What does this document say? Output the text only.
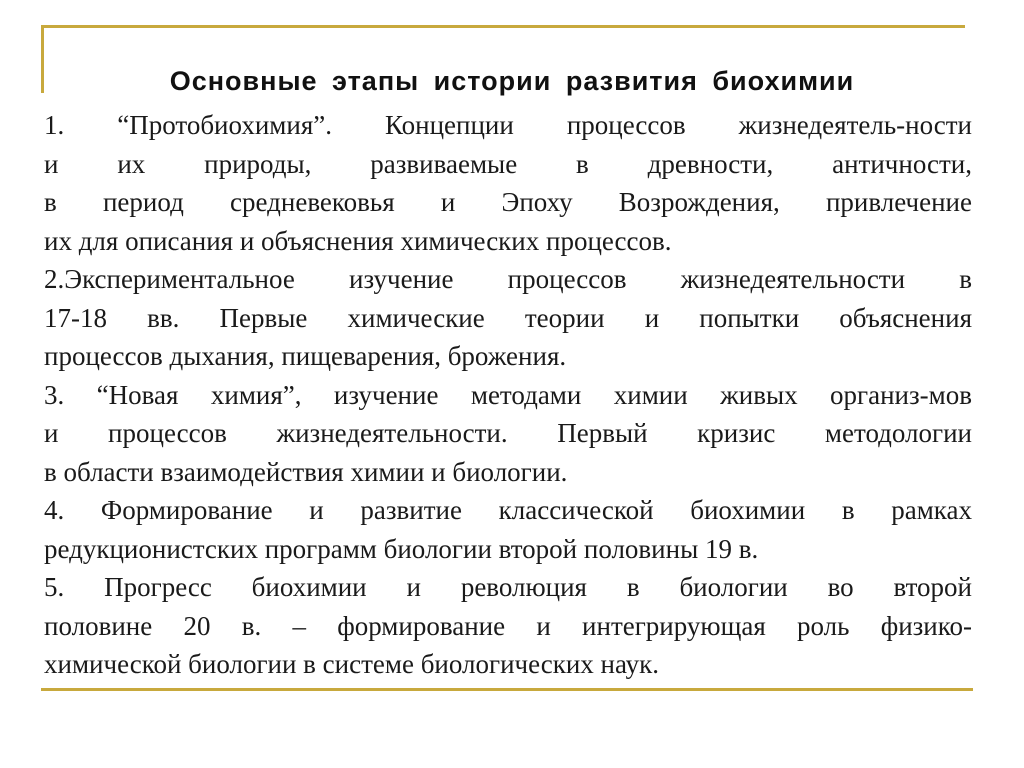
Основные этапы истории развития биохимии
1. “Протобиохимия”. Концепции процессов жизнедеятель-ности
и их природы, развиваемые в древности, античности,
в период средневековья и Эпоху Возрождения, привлечение
их для описания и объяснения химических процессов.
2.Экспериментальное изучение процессов жизнедеятельности в
17-18 вв. Первые химические теории и попытки объяснения
процессов дыхания, пищеварения, брожения.
3. “Новая химия”, изучение методами химии живых организ-мов
и процессов жизнедеятельности. Первый кризис методологии
в области взаимодействия химии и биологии.
4. Формирование и развитие классической биохимии в рамках
редукционистских программ биологии второй половины 19 в.
5. Прогресс биохимии и революция в биологии во второй
половине 20 в. – формирование и интегрирующая роль физико-
химической биологии в системе биологических наук.
